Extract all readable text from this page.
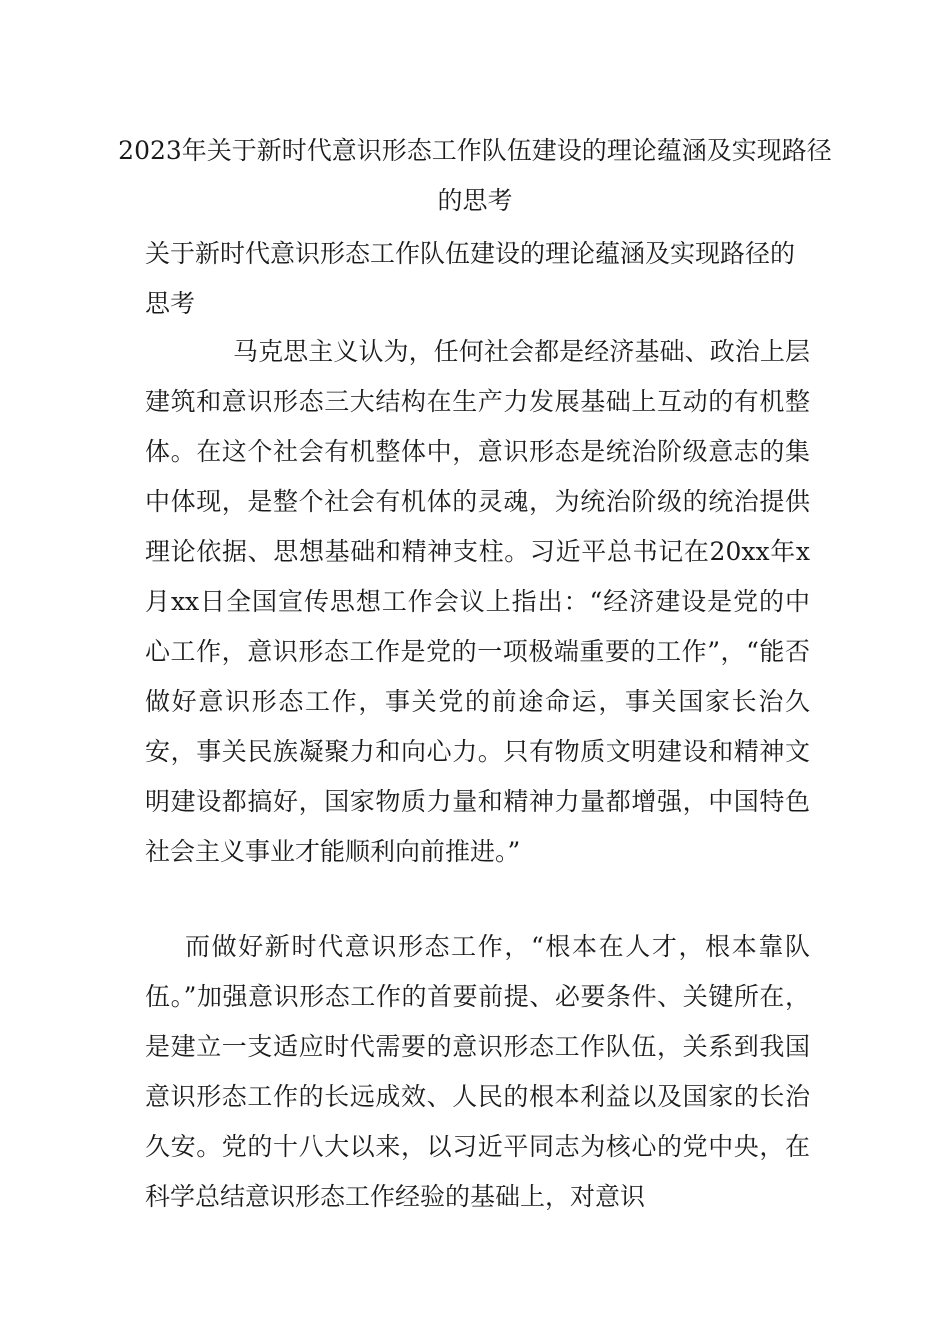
2023年关于新时代意识形态工作队伍建设的理论蕴涵及实现路径的思考
关于新时代意识形态工作队伍建设的理论蕴涵及实现路径的思考
马克思主义认为，任何社会都是经济基础、政治上层建筑和意识形态三大结构在生产力发展基础上互动的有机整体。在这个社会有机整体中，意识形态是统治阶级意志的集中体现，是整个社会有机体的灵魂，为统治阶级的统治提供理论依据、思想基础和精神支柱。习近平总书记在20xx年x月xx日全国宣传思想工作会议上指出：“经济建设是党的中心工作，意识形态工作是党的一项极端重要的工作”，“能否做好意识形态工作，事关党的前途命运，事关国家长治久安，事关民族凝聚力和向心力。只有物质文明建设和精神文明建设都搞好，国家物质力量和精神力量都增强，中国特色社会主义事业才能顺利向前推进。”
而做好新时代意识形态工作，“根本在人才，根本靠队伍。”加强意识形态工作的首要前提、必要条件、关键所在，是建立一支适应时代需要的意识形态工作队伍，关系到我国意识形态工作的长远成效、人民的根本利益以及国家的长治久安。党的十八大以来，以习近平同志为核心的党中央，在科学总结意识形态工作经验的基础上，对意识
